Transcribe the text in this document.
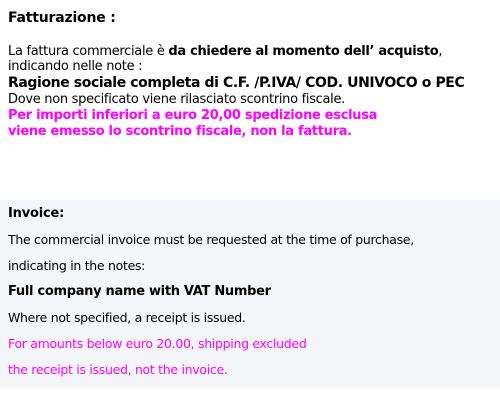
Fatturazione :
La fattura commerciale è da chiedere al momento dell’ acquisto,
indicando nelle note :
Ragione sociale completa di C.F. /P.IVA/ COD. UNIVOCO o PEC
Dove non specificato viene rilasciato scontrino fiscale.
Per importi inferiori a euro 20,00 spedizione esclusa
viene emesso lo scontrino fiscale, non la fattura.
Invoice:
The commercial invoice must be requested at the time of purchase,
indicating in the notes:
Full company name with VAT Number
Where not specified, a receipt is issued.
For amounts below euro 20.00, shipping excluded
the receipt is issued, not the invoice.
